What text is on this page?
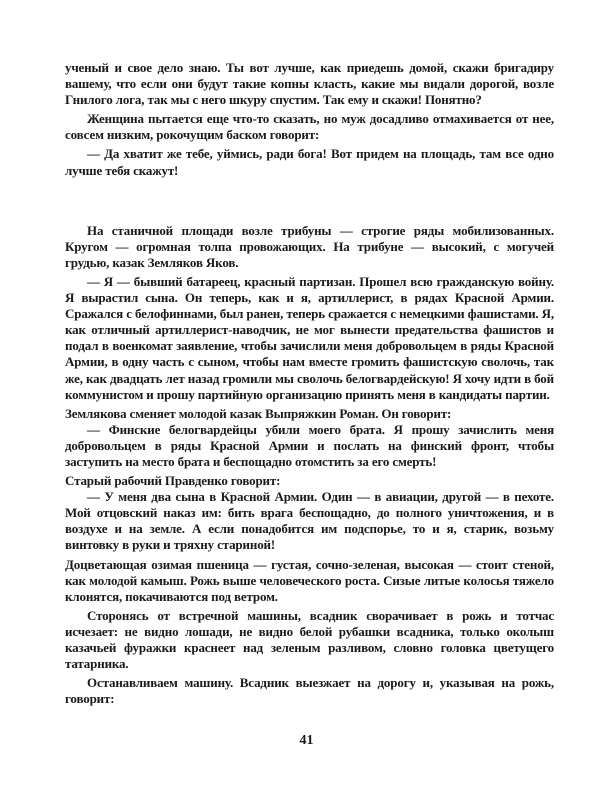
ученый и свое дело знаю. Ты вот лучше, как приедешь домой, скажи бригадиру вашему, что если они будут такие копны класть, какие мы видали дорогой, возле Гнилого лога, так мы с него шкуру спустим. Так ему и скажи! Понятно?

Женщина пытается еще что-то сказать, но муж досадливо отмахивается от нее, совсем низким, рокочущим баском говорит:

— Да хватит же тебе, уймись, ради бога! Вот придем на площадь, там все одно лучше тебя скажут!

На станичной площади возле трибуны — строгие ряды мобилизованных. Кругом — огромная толпа провожающих. На трибуне — высокий, с могучей грудью, казак Земляков Яков.

— Я — бывший батареец, красный партизан. Прошел всю гражданскую войну. Я вырастил сына. Он теперь, как и я, артиллерист, в рядах Красной Армии. Сражался с белофиннами, был ранен, теперь сражается с немецкими фашистами. Я, как отличный артиллерист-наводчик, не мог вынести предательства фашистов и подал в военкомат заявление, чтобы зачислили меня добровольцем в ряды Красной Армии, в одну часть с сыном, чтобы нам вместе громить фашистскую сволочь, так же, как двадцать лет назад громили мы сволочь белогвардейскую! Я хочу идти в бой коммунистом и прошу партийную организацию принять меня в кандидаты партии.

Землякова сменяет молодой казак Выпряжкин Роман. Он говорит:

— Финские белогвардейцы убили моего брата. Я прошу зачислить меня добровольцем в ряды Красной Армии и послать на финский фронт, чтобы заступить на место брата и беспощадно отомстить за его смерть!

Старый рабочий Правденко говорит:

— У меня два сына в Красной Армии. Один — в авиации, другой — в пехоте. Мой отцовский наказ им: бить врага беспощадно, до полного уничтожения, и в воздухе и на земле. А если понадобится им подспорье, то и я, старик, возьму винтовку в руки и тряхну стариной!

Доцветающая озимая пшеница — густая, сочно-зеленая, высокая — стоит стеной, как молодой камыш. Рожь выше человеческого роста. Сизые литые колосья тяжело клонятся, покачиваются под ветром.

Сторонясь от встречной машины, всадник сворачивает в рожь и тотчас исчезает: не видно лошади, не видно белой рубашки всадника, только околыш казачьей фуражки краснеет над зеленым разливом, словно головка цветущего татарника.

Останавливаем машину. Всадник выезжает на дорогу и, указывая на рожь, говорит:

41
